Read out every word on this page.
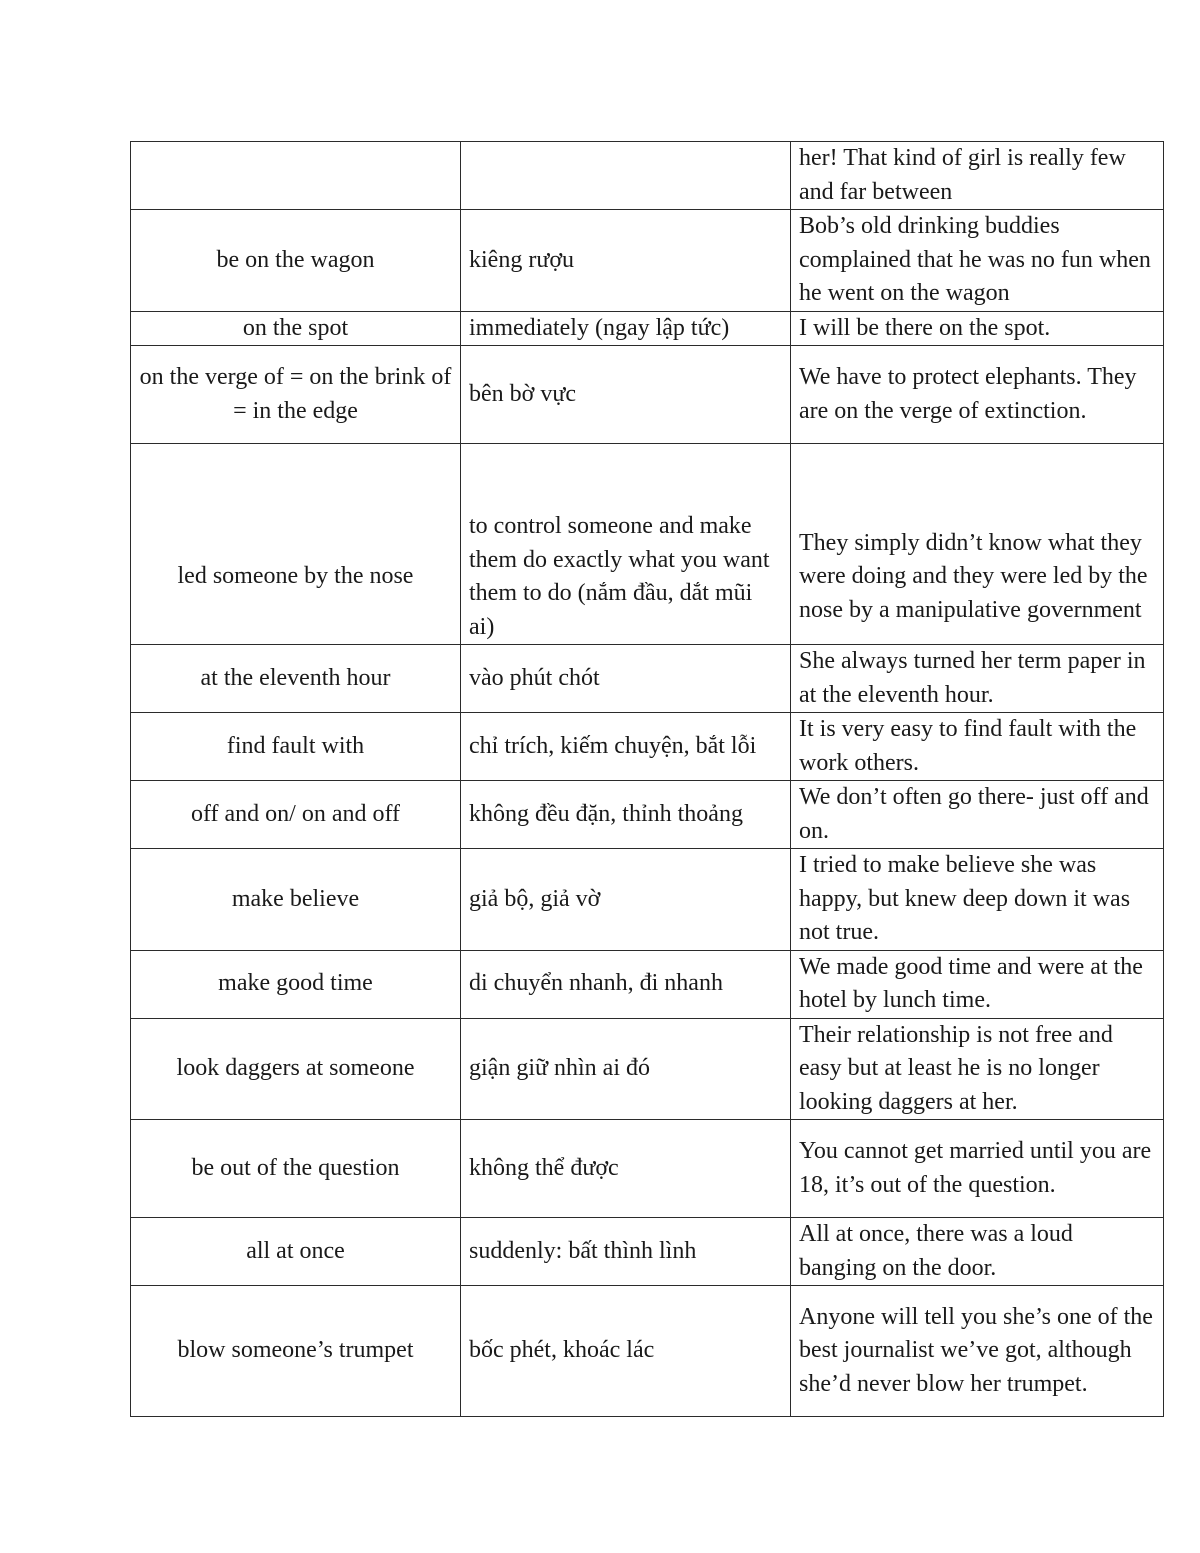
		her! That kind of girl is really few and far between
be on the wagon	kiêng rượu	Bob’s old drinking buddies complained that he was no fun when he went on the wagon
on the spot	immediately (ngay lập tức)	I will be there on the spot.
on the verge of = on the brink of = in the edge	bên bờ vực	We have to protect elephants. They are on the verge of extinction.
led someone by the nose	to control someone and make them do exactly what you want them to do (nắm đầu, dắt mũi ai)	They simply didn’t know what they were doing and they were led by the nose by a manipulative government
at the eleventh hour	vào phút chót	She always turned her term paper in at the eleventh hour.
find fault with	chỉ trích, kiếm chuyện, bắt lỗi	It is very easy to find fault with the work others.
off and on/ on and off	không đều đặn, thỉnh thoảng	We don’t often go there- just off and on.
make believe	giả bộ, giả vờ	I tried to make believe she was happy, but knew deep down it was not true.
make good time	di chuyển nhanh, đi nhanh	We made good time and were at the hotel by lunch time.
look daggers at someone	giận giữ nhìn ai đó	Their relationship is not free and easy but at least he is no longer looking daggers at her.
be out of the question	không thể được	You cannot get married until you are 18, it’s out of the question.
all at once	suddenly: bất thình lình	All at once, there was a loud banging on the door.
blow someone’s trumpet	bốc phét, khoác lác	Anyone will tell you she’s one of the best journalist we’ve got, although she’d never blow her trumpet.
